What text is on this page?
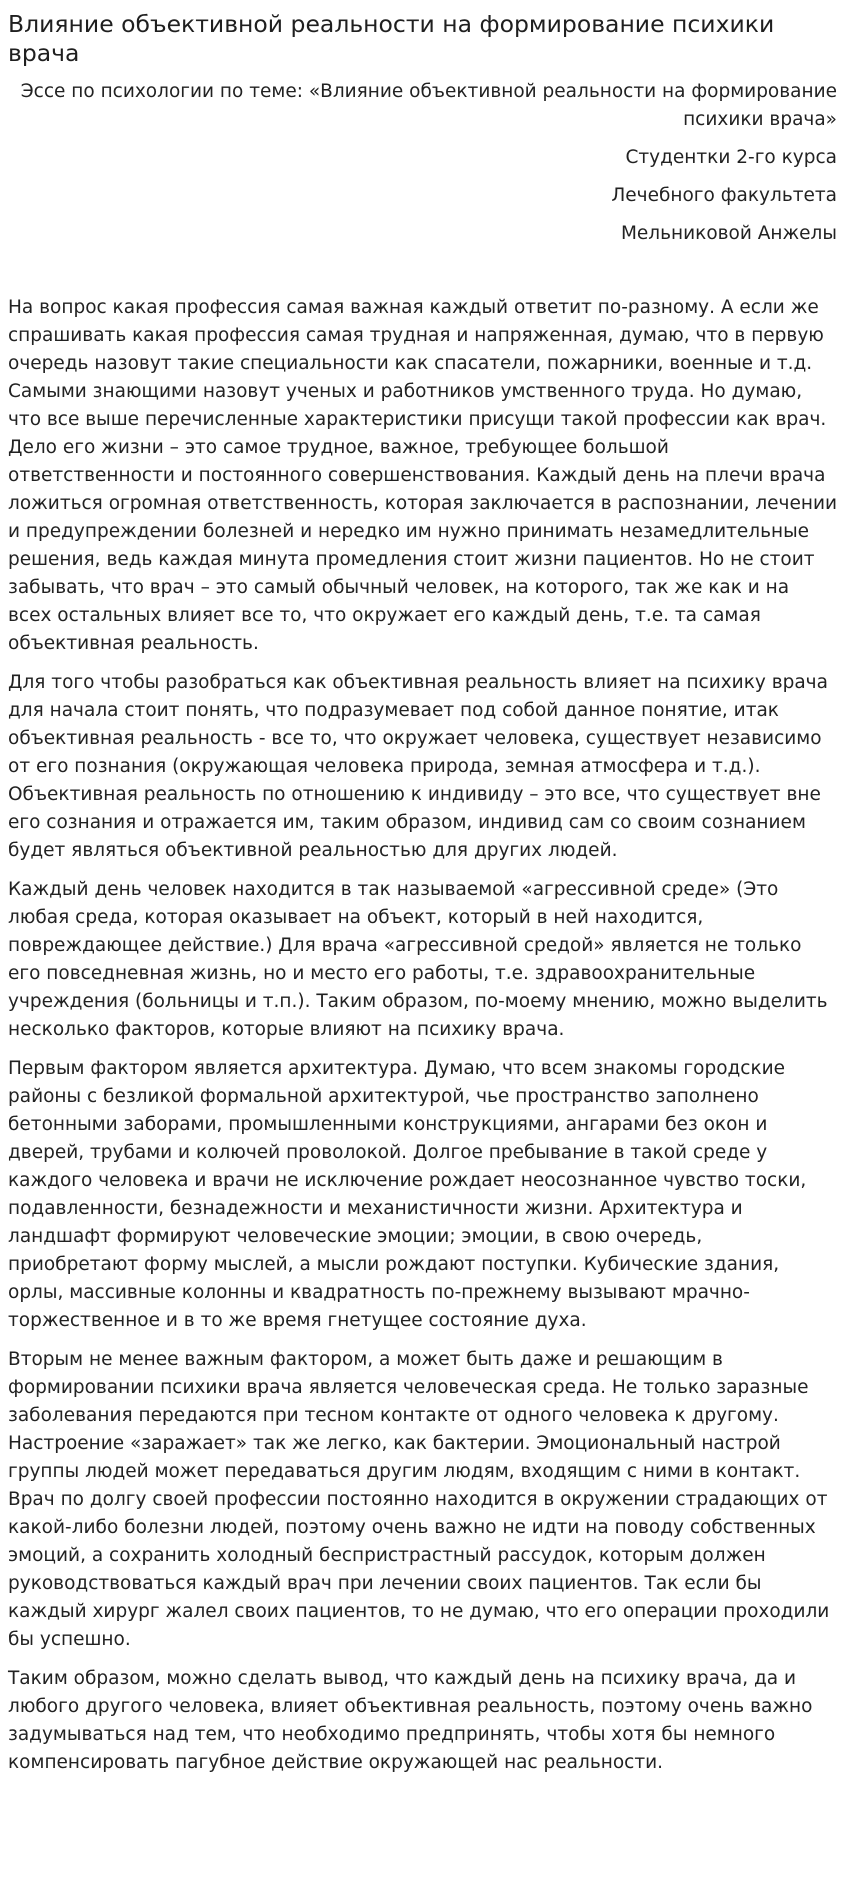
Влияние объективной реальности на формирование психики врача

Эссе по психологии по теме: «Влияние объективной реальности на формирование психики врача»

Студентки 2-го курса

Лечебного факультета

Мельниковой Анжелы

На вопрос какая профессия самая важная каждый ответит по-разному. А если же спрашивать какая профессия самая трудная и напряженная, думаю, что в первую очередь назовут такие специальности как спасатели, пожарники, военные и т.д. Самыми знающими назовут ученых и работников умственного труда. Но думаю, что все выше перечисленные характеристики присущи такой профессии как врач. Дело его жизни – это самое трудное, важное, требующее большой ответственности и постоянного совершенствования. Каждый день на плечи врача ложиться огромная ответственность, которая заключается в распознании, лечении и предупреждении болезней и нередко им нужно принимать незамедлительные решения, ведь каждая минута промедления стоит жизни пациентов. Но не стоит забывать, что врач – это самый обычный человек, на которого, так же как и на всех остальных влияет все то, что окружает его каждый день, т.е. та самая объективная реальность.

Для того чтобы разобраться как объективная реальность влияет на психику врача для начала стоит понять, что подразумевает под собой данное понятие, итак объективная реальность - все то, что окружает человека, существует независимо от его познания (окружающая человека природа, земная атмосфера и т.д.). Объективная реальность по отношению к индивиду – это все, что существует вне его сознания и отражается им, таким образом, индивид сам со своим сознанием будет являться объективной реальностью для других людей.

Каждый день человек находится в так называемой «агрессивной среде» (Это любая среда, которая оказывает на объект, который в ней находится, повреждающее действие.) Для врача «агрессивной средой» является не только его повседневная жизнь, но и место его работы, т.е. здравоохранительные учреждения (больницы и т.п.). Таким образом, по-моему мнению, можно выделить несколько факторов, которые влияют на психику врача.

Первым фактором является архитектура. Думаю, что всем знакомы городские районы с безликой формальной архитектурой, чье пространство заполнено бетонными заборами, промышленными конструкциями, ангарами без окон и дверей, трубами и колючей проволокой. Долгое пребывание в такой среде у каждого человека и врачи не исключение рождает неосознанное чувство тоски, подавленности, безнадежности и механистичности жизни. Архитектура и ландшафт формируют человеческие эмоции; эмоции, в свою очередь, приобретают форму мыслей, а мысли рождают поступки. Кубические здания, орлы, массивные колонны и квадратность по-прежнему вызывают мрачно-торжественное и в то же время гнетущее состояние духа.

Вторым не менее важным фактором, а может быть даже и решающим в формировании психики врача является человеческая среда. Не только заразные заболевания передаются при тесном контакте от одного человека к другому. Настроение «заражает» так же легко, как бактерии. Эмоциональный настрой группы людей может передаваться другим людям, входящим с ними в контакт. Врач по долгу своей профессии постоянно находится в окружении страдающих от какой-либо болезни людей, поэтому очень важно не идти на поводу собственных эмоций, а сохранить холодный беспристрастный рассудок, которым должен руководствоваться каждый врач при лечении своих пациентов. Так если бы каждый хирург жалел своих пациентов, то не думаю, что его операции проходили бы успешно.

Таким образом, можно сделать вывод, что каждый день на психику врача, да и любого другого человека, влияет объективная реальность, поэтому очень важно задумываться над тем, что необходимо предпринять, чтобы хотя бы немного компенсировать пагубное действие окружающей нас реальности.
